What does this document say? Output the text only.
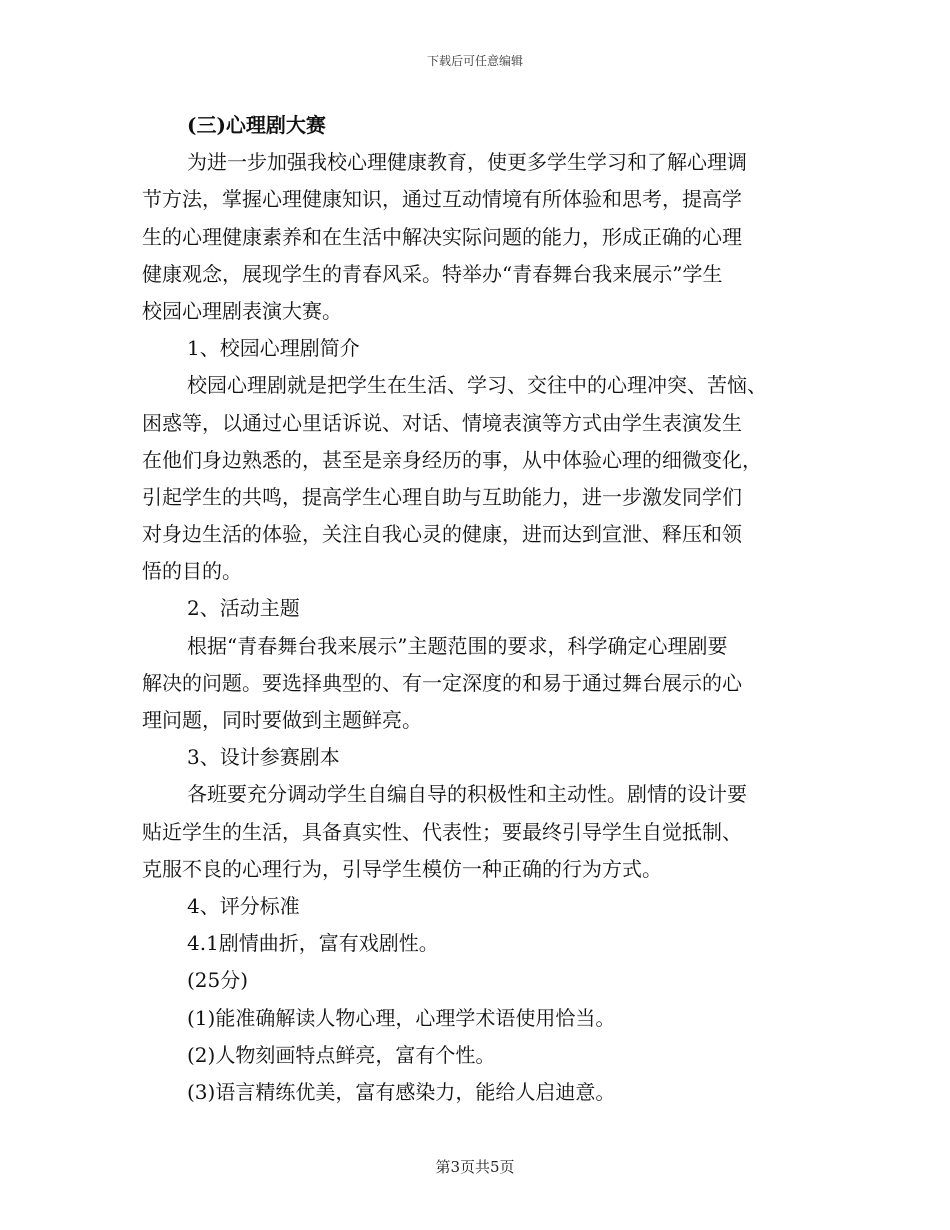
下载后可任意编辑
(三)心理剧大赛
为进一步加强我校心理健康教育，使更多学生学习和了解心理调
节方法，掌握心理健康知识，通过互动情境有所体验和思考，提高学
生的心理健康素养和在生活中解决实际问题的能力，形成正确的心理
健康观念，展现学生的青春风采。特举办“青春舞台我来展示”学生
校园心理剧表演大赛。
1、校园心理剧简介
校园心理剧就是把学生在生活、学习、交往中的心理冲突、苦恼、
困惑等，以通过心里话诉说、对话、情境表演等方式由学生表演发生
在他们身边熟悉的，甚至是亲身经历的事，从中体验心理的细微变化，
引起学生的共鸣，提高学生心理自助与互助能力，进一步激发同学们
对身边生活的体验，关注自我心灵的健康，进而达到宣泄、释压和领
悟的目的。
2、活动主题
根据“青春舞台我来展示”主题范围的要求，科学确定心理剧要
解决的问题。要选择典型的、有一定深度的和易于通过舞台展示的心
理问题，同时要做到主题鲜亮。
3、设计参赛剧本
各班要充分调动学生自编自导的积极性和主动性。剧情的设计要
贴近学生的生活，具备真实性、代表性；要最终引导学生自觉抵制、
克服不良的心理行为，引导学生模仿一种正确的行为方式。
4、评分标准
4.1剧情曲折，富有戏剧性。
(25分)
(1)能准确解读人物心理，心理学术语使用恰当。
(2)人物刻画特点鲜亮，富有个性。
(3)语言精练优美，富有感染力，能给人启迪意。
第3页共5页
